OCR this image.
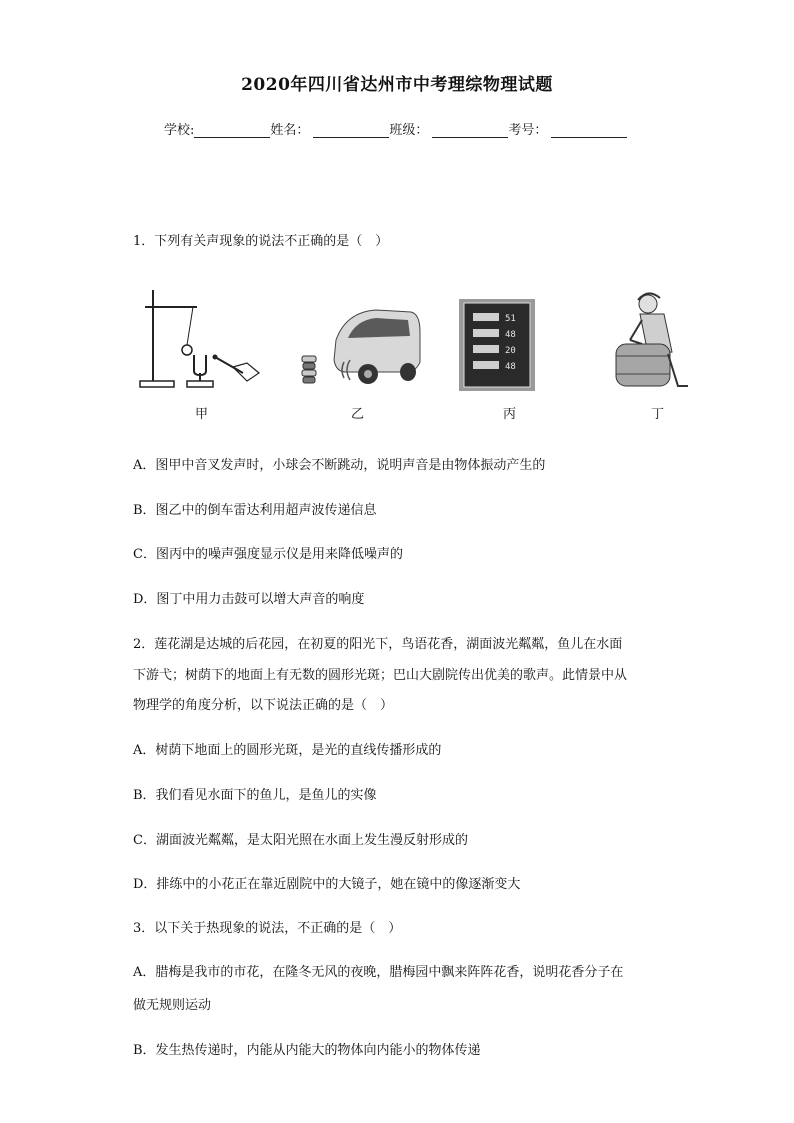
2020年四川省达州市中考理综物理试题
学校:	姓名：	班级：	考号：
1．下列有关声现象的说法不正确的是（　）
甲	乙
51
48
20
48
丙	丁
A．图甲中音叉发声时，小球会不断跳动，说明声音是由物体振动产生的
B．图乙中的倒车雷达利用超声波传递信息
C．图丙中的噪声强度显示仪是用来降低噪声的
D．图丁中用力击鼓可以增大声音的响度
2．莲花湖是达城的后花园，在初夏的阳光下，鸟语花香，湖面波光粼粼，鱼儿在水面
下游弋；树荫下的地面上有无数的圆形光斑；巴山大剧院传出优美的歌声。此情景中从
物理学的角度分析，以下说法正确的是（　）
A．树荫下地面上的圆形光斑，是光的直线传播形成的
B．我们看见水面下的鱼儿，是鱼儿的实像
C．湖面波光粼粼，是太阳光照在水面上发生漫反射形成的
D．排练中的小花正在靠近剧院中的大镜子，她在镜中的像逐渐变大
3．以下关于热现象的说法，不正确的是（　）
A．腊梅是我市的市花，在隆冬无风的夜晚，腊梅园中飘来阵阵花香，说明花香分子在
做无规则运动
B．发生热传递时，内能从内能大的物体向内能小的物体传递
